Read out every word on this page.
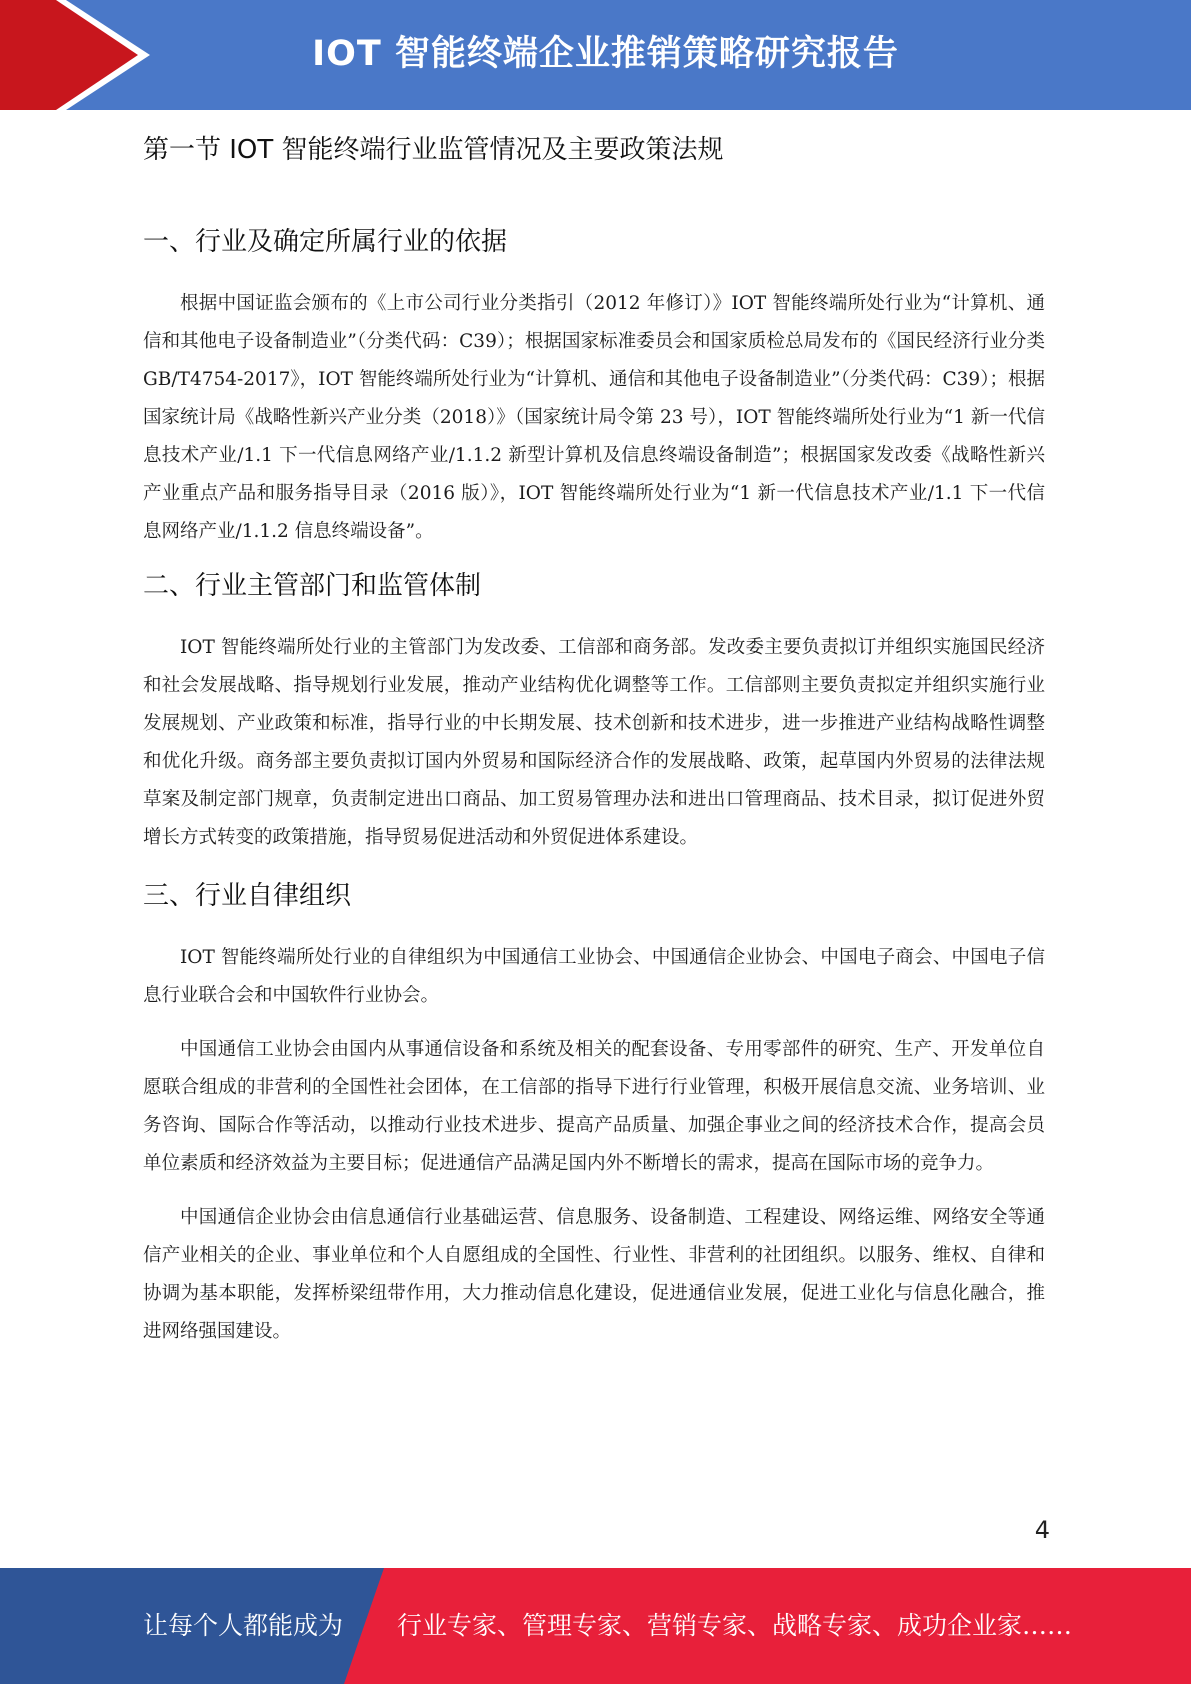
IOT 智能终端企业推销策略研究报告
第一节 IOT 智能终端行业监管情况及主要政策法规
一、行业及确定所属行业的依据

根据中国证监会颁布的《上市公司行业分类指引（2012 年修订）》IOT 智能终端所处行业为“计算机、通信和其他电子设备制造业”（分类代码：C39）；根据国家标准委员会和国家质检总局发布的《国民经济行业分类 GB/T4754-2017》，IOT 智能终端所处行业为“计算机、通信和其他电子设备制造业”（分类代码：C39）；根据国家统计局《战略性新兴产业分类（2018）》（国家统计局令第 23 号），IOT 智能终端所处行业为“1 新一代信息技术产业/1.1 下一代信息网络产业/1.1.2 新型计算机及信息终端设备制造”；根据国家发改委《战略性新兴产业重点产品和服务指导目录（2016 版）》，IOT 智能终端所处行业为“1 新一代信息技术产业/1.1 下一代信息网络产业/1.1.2 信息终端设备”。

二、行业主管部门和监管体制

IOT 智能终端所处行业的主管部门为发改委、工信部和商务部。发改委主要负责拟订并组织实施国民经济和社会发展战略、指导规划行业发展，推动产业结构优化调整等工作。工信部则主要负责拟定并组织实施行业发展规划、产业政策和标准，指导行业的中长期发展、技术创新和技术进步，进一步推进产业结构战略性调整和优化升级。商务部主要负责拟订国内外贸易和国际经济合作的发展战略、政策，起草国内外贸易的法律法规草案及制定部门规章，负责制定进出口商品、加工贸易管理办法和进出口管理商品、技术目录，拟订促进外贸增长方式转变的政策措施，指导贸易促进活动和外贸促进体系建设。

三、行业自律组织

IOT 智能终端所处行业的自律组织为中国通信工业协会、中国通信企业协会、中国电子商会、中国电子信息行业联合会和中国软件行业协会。

中国通信工业协会由国内从事通信设备和系统及相关的配套设备、专用零部件的研究、生产、开发单位自愿联合组成的非营利的全国性社会团体，在工信部的指导下进行行业管理，积极开展信息交流、业务培训、业务咨询、国际合作等活动，以推动行业技术进步、提高产品质量、加强企事业之间的经济技术合作，提高会员单位素质和经济效益为主要目标；促进通信产品满足国内外不断增长的需求，提高在国际市场的竞争力。

中国通信企业协会由信息通信行业基础运营、信息服务、设备制造、工程建设、网络运维、网络安全等通信产业相关的企业、事业单位和个人自愿组成的全国性、行业性、非营利的社团组织。以服务、维权、自律和协调为基本职能，发挥桥梁纽带作用，大力推动信息化建设，促进通信业发展，促进工业化与信息化融合，推进网络强国建设。

4
让每个人都能成为 行业专家、管理专家、营销专家、战略专家、成功企业家……
